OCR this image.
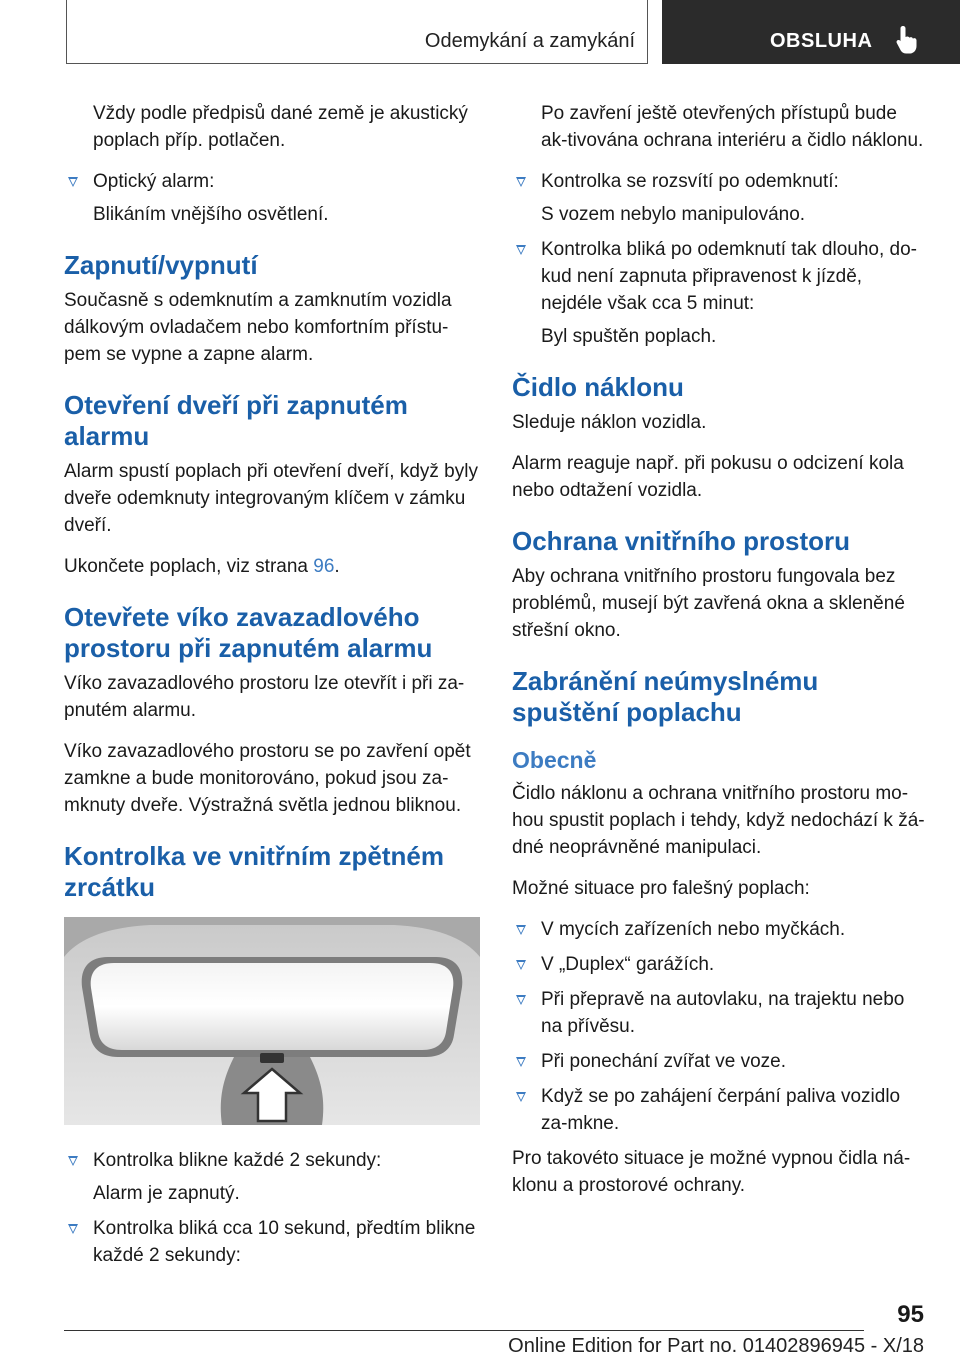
Odemykání a zamykání	OBSLUHA

Vždy podle předpisů dané země je akustický poplach příp. potlačen.

Optický alarm:

Blikáním vnějšího osvětlení.

Zapnutí/vypnutí

Současně s odemknutím a zamknutím vozidla dálkovým ovladačem nebo komfortním přístu-pem se vypne a zapne alarm.

Otevření dveří při zapnutém alarmu

Alarm spustí poplach při otevření dveří, když byly dveře odemknuty integrovaným klíčem v zámku dveří.

Ukončete poplach, viz strana 96.

Otevřete víko zavazadlového prostoru při zapnutém alarmu

Víko zavazadlového prostoru lze otevřít i při za-pnutém alarmu.

Víko zavazadlového prostoru se po zavření opět zamkne a bude monitorováno, pokud jsou za-mknuty dveře. Výstražná světla jednou bliknou.

Kontrolka ve vnitřním zpětném zrcátku

Kontrolka blikne každé 2 sekundy:

Alarm je zapnutý.

Kontrolka bliká cca 10 sekund, předtím blikne každé 2 sekundy:

Po zavření ještě otevřených přístupů bude ak-tivována ochrana interiéru a čidlo náklonu.

Kontrolka se rozsvítí po odemknutí:

S vozem nebylo manipulováno.

Kontrolka bliká po odemknutí tak dlouho, do-kud není zapnuta připravenost k jízdě, nejdéle však cca 5 minut:

Byl spuštěn poplach.

Čidlo náklonu

Sleduje náklon vozidla.

Alarm reaguje např. při pokusu o odcizení kola nebo odtažení vozidla.

Ochrana vnitřního prostoru

Aby ochrana vnitřního prostoru fungovala bez problémů, musejí být zavřená okna a skleněné střešní okno.

Zabránění neúmyslnému spuštění poplachu
Obecně

Čidlo náklonu a ochrana vnitřního prostoru mo-hou spustit poplach i tehdy, když nedochází k žá-dné neoprávněné manipulaci.

Možné situace pro falešný poplach:

V mycích zařízeních nebo myčkách.

V „Duplex“ garážích.

Při přepravě na autovlaku, na trajektu nebo na přívěsu.

Při ponechání zvířat ve voze.

Když se po zahájení čerpání paliva vozidlo za-mkne.

Pro takovéto situace je možné vypnou čidla ná-klonu a prostorové ochrany.

95
Online Edition for Part no. 01402896945 - X/18
